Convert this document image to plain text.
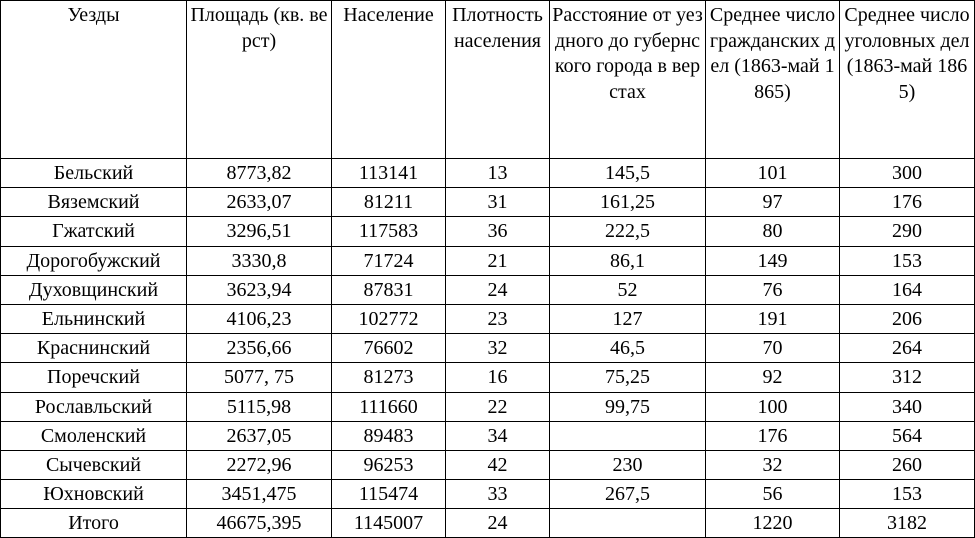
Уезды	Площадь (кв. верст)	Население	Плотность населения	Расстояние от уездного до губернского города в верстах	Среднее число гражданских дел (1863-май 1865)	Среднее число уголовных дел (1863-май 1865)
Бельский	8773,82	113141	13	145,5	101	300
Вяземский	2633,07	81211	31	161,25	97	176
Гжатский	3296,51	117583	36	222,5	80	290
Дорогобужский	3330,8	71724	21	86,1	149	153
Духовщинский	3623,94	87831	24	52	76	164
Ельнинский	4106,23	102772	23	127	191	206
Краснинский	2356,66	76602	32	46,5	70	264
Поречский	5077, 75	81273	16	75,25	92	312
Рославльский	5115,98	111660	22	99,75	100	340
Смоленский	2637,05	89483	34		176	564
Сычевский	2272,96	96253	42	230	32	260
Юхновский	3451,475	115474	33	267,5	56	153
Итого	46675,395	1145007	24		1220	3182
